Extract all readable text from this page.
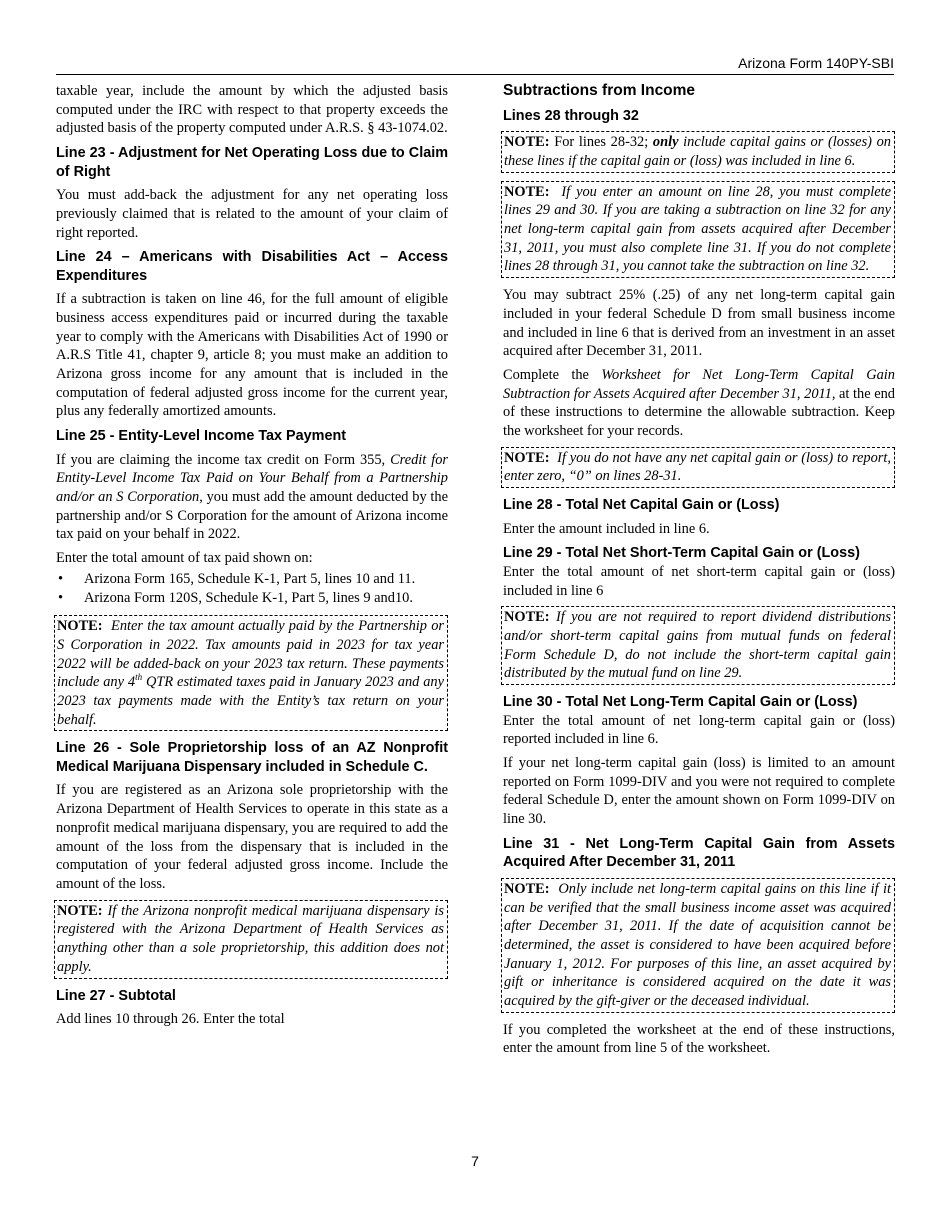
Arizona Form 140PY-SBI

taxable year, include the amount by which the adjusted basis computed under the IRC with respect to that property exceeds the adjusted basis of the property computed under A.R.S. § 43-1074.02.

Line 23 - Adjustment for Net Operating Loss due to Claim of Right

You must add-back the adjustment for any net operating loss previously claimed that is related to the amount of your claim of right reported.

Line 24 – Americans with Disabilities Act – Access Expenditures

If a subtraction is taken on line 46, for the full amount of eligible business access expenditures paid or incurred during the taxable year to comply with the Americans with Disabilities Act of 1990 or A.R.S Title 41, chapter 9, article 8; you must make an addition to Arizona gross income for any amount that is included in the computation of federal adjusted gross income for the current year, plus any federally amortized amounts.

Line 25 - Entity-Level Income Tax Payment

If you are claiming the income tax credit on Form 355, Credit for Entity-Level Income Tax Paid on Your Behalf from a Partnership and/or an S Corporation, you must add the amount deducted by the partnership and/or S Corporation for the amount of Arizona income tax paid on your behalf in 2022.

Enter the total amount of tax paid shown on:

• Arizona Form 165, Schedule K-1, Part 5, lines 10 and 11.
• Arizona Form 120S, Schedule K-1, Part 5, lines 9 and10.
NOTE: Enter the tax amount actually paid by the Partnership or S Corporation in 2022. Tax amounts paid in 2023 for tax year 2022 will be added-back on your 2023 tax return. These payments include any 4th QTR estimated taxes paid in January 2023 and any 2023 tax payments made with the Entity’s tax return on your behalf.
Line 26 - Sole Proprietorship loss of an AZ Nonprofit Medical Marijuana Dispensary included in Schedule C.

If you are registered as an Arizona sole proprietorship with the Arizona Department of Health Services to operate in this state as a nonprofit medical marijuana dispensary, you are required to add the amount of the loss from the dispensary that is included in the computation of your federal adjusted gross income. Include the amount of the loss.

NOTE: If the Arizona nonprofit medical marijuana dispensary is registered with the Arizona Department of Health Services as anything other than a sole proprietorship, this addition does not apply.
Line 27 - Subtotal

Add lines 10 through 26. Enter the total

Subtractions from Income
Lines 28 through 32
NOTE: For lines 28-32; only include capital gains or (losses) on these lines if the capital gain or (loss) was included in line 6.
NOTE: If you enter an amount on line 28, you must complete lines 29 and 30. If you are taking a subtraction on line 32 for any net long-term capital gain from assets acquired after December 31, 2011, you must also complete line 31. If you do not complete lines 28 through 31, you cannot take the subtraction on line 32.

You may subtract 25% (.25) of any net long-term capital gain included in your federal Schedule D from small business income and included in line 6 that is derived from an investment in an asset acquired after December 31, 2011.

Complete the Worksheet for Net Long-Term Capital Gain Subtraction for Assets Acquired after December 31, 2011, at the end of these instructions to determine the allowable subtraction. Keep the worksheet for your records.

NOTE: If you do not have any net capital gain or (loss) to report, enter zero, “0” on lines 28-31.
Line 28 - Total Net Capital Gain or (Loss)

Enter the amount included in line 6.

Line 29 - Total Net Short-Term Capital Gain or (Loss)

Enter the total amount of net short-term capital gain or (loss) included in line 6

NOTE: If you are not required to report dividend distributions and/or short-term capital gains from mutual funds on federal Form Schedule D, do not include the short-term capital gain distributed by the mutual fund on line 29.
Line 30 - Total Net Long-Term Capital Gain or (Loss)

Enter the total amount of net long-term capital gain or (loss) reported included in line 6.

If your net long-term capital gain (loss) is limited to an amount reported on Form 1099-DIV and you were not required to complete federal Schedule D, enter the amount shown on Form 1099-DIV on line 30.

Line 31 - Net Long-Term Capital Gain from Assets Acquired After December 31, 2011
NOTE: Only include net long-term capital gains on this line if it can be verified that the small business income asset was acquired after December 31, 2011. If the date of acquisition cannot be determined, the asset is considered to have been acquired before January 1, 2012. For purposes of this line, an asset acquired by gift or inheritance is considered acquired on the date it was acquired by the gift-giver or the deceased individual.

If you completed the worksheet at the end of these instructions, enter the amount from line 5 of the worksheet.

7
